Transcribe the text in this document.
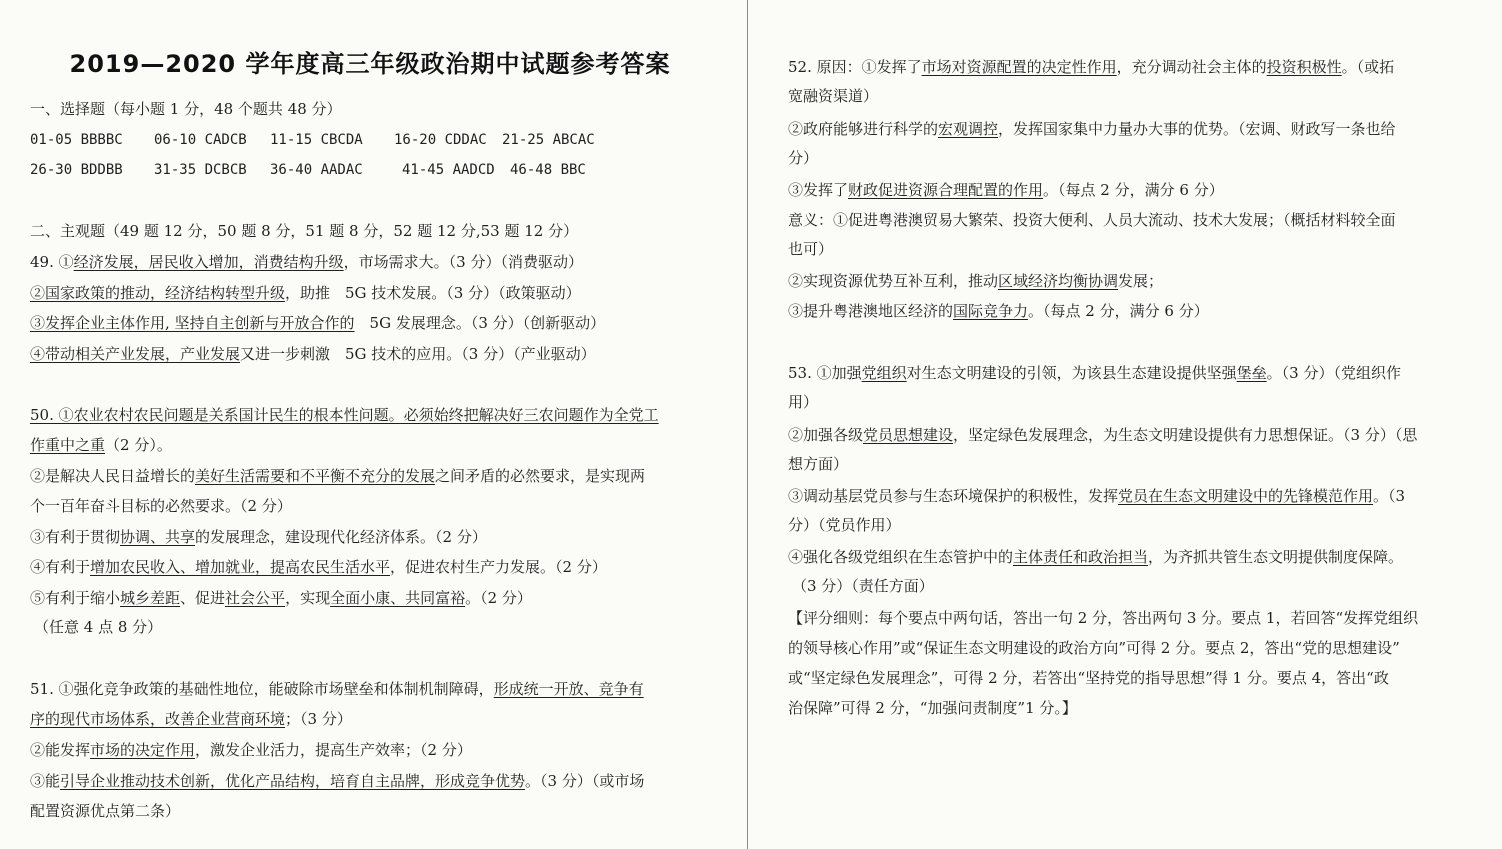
2019—2020 学年度高三年级政治期中试题参考答案

一、选择题（每小题 1 分，48 个题共 48 分）

01-05 BBBBC 06-10 CADCB 11-15 CBCDA 16-20 CDDAC 21-25 ABCAC
26-30 BDDBB 31-35 DCBCB 36-40 AADAC	41-45 AADCD 46-48 BBC

二、主观题（49 题 12 分，50 题 8 分，51 题 8 分，52 题 12 分,53 题 12 分）

49. ①经济发展，居民收入增加，消费结构升级，市场需求大。（3 分）（消费驱动）

②国家政策的推动，经济结构转型升级，助推　5G 技术发展。（3 分）（政策驱动）

③发挥企业主体作用, 坚持自主创新与开放合作的　5G 发展理念。（3 分）（创新驱动）

④带动相关产业发展，产业发展又进一步刺激　5G 技术的应用。（3 分）（产业驱动）

50. ①农业农村农民问题是关系国计民生的根本性问题。必须始终把解决好三农问题作为全党工

作重中之重（2 分）。

②是解决人民日益增长的美好生活需要和不平衡不充分的发展之间矛盾的必然要求，是实现两

个一百年奋斗目标的必然要求。（2 分）

③有利于贯彻协调、共享的发展理念，建设现代化经济体系。（2 分）

④有利于增加农民收入、增加就业，提高农民生活水平，促进农村生产力发展。（2 分）

⑤有利于缩小城乡差距、促进社会公平，实现全面小康、共同富裕。（2 分）

（任意 4 点 8 分）

51. ①强化竞争政策的基础性地位，能破除市场壁垒和体制机制障碍，形成统一开放、竞争有

序的现代市场体系，改善企业营商环境；（3 分）

②能发挥市场的决定作用，激发企业活力，提高生产效率；（2 分）

③能引导企业推动技术创新，优化产品结构，培育自主品牌，形成竞争优势。（3 分）（或市场

配置资源优点第二条）

52. 原因：①发挥了市场对资源配置的决定性作用，充分调动社会主体的投资积极性。（或拓

宽融资渠道）

②政府能够进行科学的宏观调控，发挥国家集中力量办大事的优势。（宏调、财政写一条也给

分）

③发挥了财政促进资源合理配置的作用。（每点 2 分，满分 6 分）

意义：①促进粤港澳贸易大繁荣、投资大便利、人员大流动、技术大发展；（概括材料较全面

也可）

②实现资源优势互补互利，推动区域经济均衡协调发展；

③提升粤港澳地区经济的国际竞争力。（每点 2 分，满分 6 分）

53. ①加强党组织对生态文明建设的引领，为该县生态建设提供坚强堡垒。（3 分）（党组织作

用）

②加强各级党员思想建设，坚定绿色发展理念，为生态文明建设提供有力思想保证。（3 分）（思

想方面）

③调动基层党员参与生态环境保护的积极性，发挥党员在生态文明建设中的先锋模范作用。（3

分）（党员作用）

④强化各级党组织在生态管护中的主体责任和政治担当，为齐抓共管生态文明提供制度保障。

（3 分）（责任方面）

【评分细则：每个要点中两句话，答出一句 2 分，答出两句 3 分。要点 1，若回答“发挥党组织

的领导核心作用”或“保证生态文明建设的政治方向”可得 2 分。要点 2，答出“党的思想建设”

或“坚定绿色发展理念”，可得 2 分，若答出“坚持党的指导思想”得 1 分。要点 4，答出“政

治保障”可得 2 分，“加强问责制度”1 分。】
